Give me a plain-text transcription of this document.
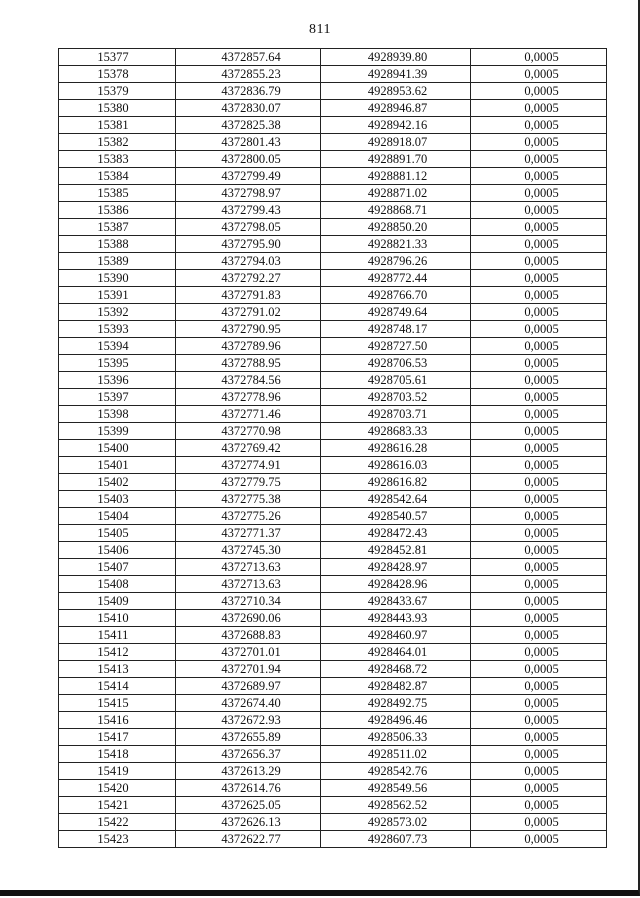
811
15377	4372857.64	4928939.80	0,0005
15378	4372855.23	4928941.39	0,0005
15379	4372836.79	4928953.62	0,0005
15380	4372830.07	4928946.87	0,0005
15381	4372825.38	4928942.16	0,0005
15382	4372801.43	4928918.07	0,0005
15383	4372800.05	4928891.70	0,0005
15384	4372799.49	4928881.12	0,0005
15385	4372798.97	4928871.02	0,0005
15386	4372799.43	4928868.71	0,0005
15387	4372798.05	4928850.20	0,0005
15388	4372795.90	4928821.33	0,0005
15389	4372794.03	4928796.26	0,0005
15390	4372792.27	4928772.44	0,0005
15391	4372791.83	4928766.70	0,0005
15392	4372791.02	4928749.64	0,0005
15393	4372790.95	4928748.17	0,0005
15394	4372789.96	4928727.50	0,0005
15395	4372788.95	4928706.53	0,0005
15396	4372784.56	4928705.61	0,0005
15397	4372778.96	4928703.52	0,0005
15398	4372771.46	4928703.71	0,0005
15399	4372770.98	4928683.33	0,0005
15400	4372769.42	4928616.28	0,0005
15401	4372774.91	4928616.03	0,0005
15402	4372779.75	4928616.82	0,0005
15403	4372775.38	4928542.64	0,0005
15404	4372775.26	4928540.57	0,0005
15405	4372771.37	4928472.43	0,0005
15406	4372745.30	4928452.81	0,0005
15407	4372713.63	4928428.97	0,0005
15408	4372713.63	4928428.96	0,0005
15409	4372710.34	4928433.67	0,0005
15410	4372690.06	4928443.93	0,0005
15411	4372688.83	4928460.97	0,0005
15412	4372701.01	4928464.01	0,0005
15413	4372701.94	4928468.72	0,0005
15414	4372689.97	4928482.87	0,0005
15415	4372674.40	4928492.75	0,0005
15416	4372672.93	4928496.46	0,0005
15417	4372655.89	4928506.33	0,0005
15418	4372656.37	4928511.02	0,0005
15419	4372613.29	4928542.76	0,0005
15420	4372614.76	4928549.56	0,0005
15421	4372625.05	4928562.52	0,0005
15422	4372626.13	4928573.02	0,0005
15423	4372622.77	4928607.73	0,0005
